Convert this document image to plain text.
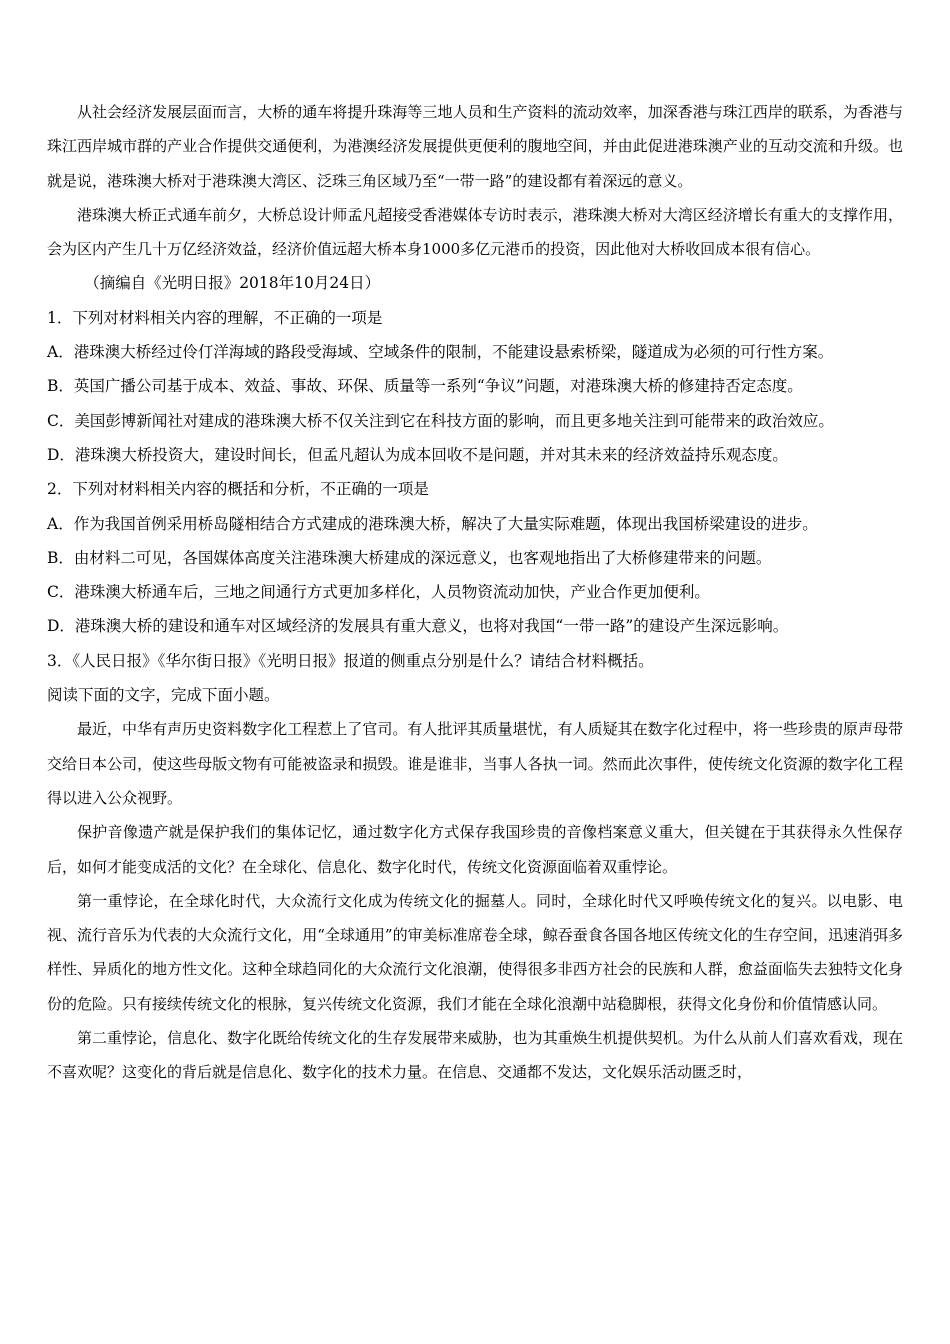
从社会经济发展层面而言，大桥的通车将提升珠海等三地人员和生产资料的流动效率，加深香港与珠江西岸的联系，为香港与珠江西岸城市群的产业合作提供交通便利，为港澳经济发展提供更便利的腹地空间，并由此促进港珠澳产业的互动交流和升级。也就是说，港珠澳大桥对于港珠澳大湾区、泛珠三角区域乃至“一带一路”的建设都有着深远的意义。

港珠澳大桥正式通车前夕，大桥总设计师孟凡超接受香港媒体专访时表示，港珠澳大桥对大湾区经济增长有重大的支撑作用，会为区内产生几十万亿经济效益，经济价值远超大桥本身1000多亿元港币的投资，因此他对大桥收回成本很有信心。

（摘编自《光明日报》2018年10月24日）

1．下列对材料相关内容的理解，不正确的一项是

A．港珠澳大桥经过伶仃洋海域的路段受海域、空域条件的限制，不能建设悬索桥梁，隧道成为必须的可行性方案。

B．英国广播公司基于成本、效益、事故、环保、质量等一系列“争议”问题，对港珠澳大桥的修建持否定态度。

C．美国彭博新闻社对建成的港珠澳大桥不仅关注到它在科技方面的影响，而且更多地关注到可能带来的政治效应。

D．港珠澳大桥投资大，建设时间长，但孟凡超认为成本回收不是问题，并对其未来的经济效益持乐观态度。

2．下列对材料相关内容的概括和分析，不正确的一项是

A．作为我国首例采用桥岛隧相结合方式建成的港珠澳大桥，解决了大量实际难题，体现出我国桥梁建设的进步。

B．由材料二可见，各国媒体高度关注港珠澳大桥建成的深远意义，也客观地指出了大桥修建带来的问题。

C．港珠澳大桥通车后，三地之间通行方式更加多样化，人员物资流动加快，产业合作更加便利。

D．港珠澳大桥的建设和通车对区域经济的发展具有重大意义，也将对我国“一带一路”的建设产生深远影响。

3．《人民日报》《华尔街日报》《光明日报》报道的侧重点分别是什么？请结合材料概括。

阅读下面的文字，完成下面小题。

最近，中华有声历史资料数字化工程惹上了官司。有人批评其质量堪忧，有人质疑其在数字化过程中，将一些珍贵的原声母带交给日本公司，使这些母版文物有可能被盗录和损毁。谁是谁非，当事人各执一词。然而此次事件，使传统文化资源的数字化工程得以进入公众视野。

保护音像遗产就是保护我们的集体记忆，通过数字化方式保存我国珍贵的音像档案意义重大，但关键在于其获得永久性保存后，如何才能变成活的文化？在全球化、信息化、数字化时代，传统文化资源面临着双重悖论。

第一重悖论，在全球化时代，大众流行文化成为传统文化的掘墓人。同时，全球化时代又呼唤传统文化的复兴。以电影、电视、流行音乐为代表的大众流行文化，用“全球通用”的审美标准席卷全球，鲸吞蚕食各国各地区传统文化的生存空间，迅速消弭多样性、异质化的地方性文化。这种全球趋同化的大众流行文化浪潮，使得很多非西方社会的民族和人群，愈益面临失去独特文化身份的危险。只有接续传统文化的根脉，复兴传统文化资源，我们才能在全球化浪潮中站稳脚根，获得文化身份和价值情感认同。

第二重悖论，信息化、数字化既给传统文化的生存发展带来威胁，也为其重焕生机提供契机。为什么从前人们喜欢看戏，现在不喜欢呢？这变化的背后就是信息化、数字化的技术力量。在信息、交通都不发达，文化娱乐活动匮乏时，
